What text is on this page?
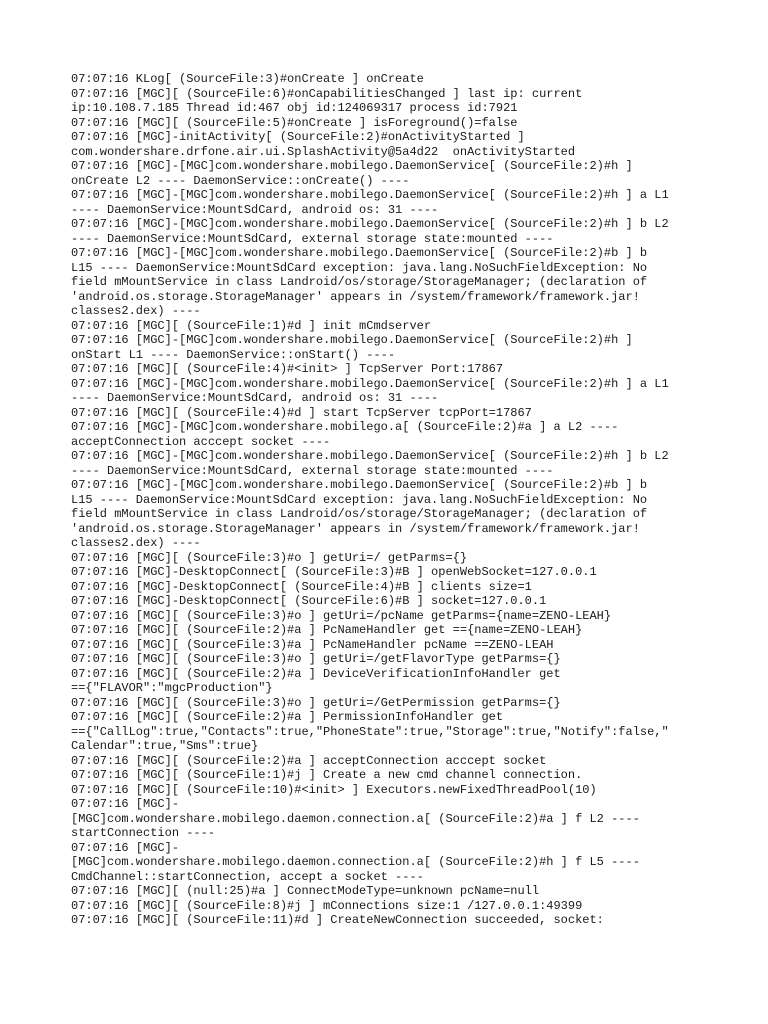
07:07:16 KLog[ (SourceFile:3)#onCreate ] onCreate
07:07:16 [MGC][ (SourceFile:6)#onCapabilitiesChanged ] last ip: current
ip:10.108.7.185 Thread id:467 obj id:124069317 process id:7921
07:07:16 [MGC][ (SourceFile:5)#onCreate ] isForeground()=false
07:07:16 [MGC]-initActivity[ (SourceFile:2)#onActivityStarted ]
com.wondershare.drfone.air.ui.SplashActivity@5a4d22  onActivityStarted
07:07:16 [MGC]-[MGC]com.wondershare.mobilego.DaemonService[ (SourceFile:2)#h ]
onCreate L2 ---- DaemonService::onCreate() ----
07:07:16 [MGC]-[MGC]com.wondershare.mobilego.DaemonService[ (SourceFile:2)#h ] a L1
---- DaemonService:MountSdCard, android os: 31 ----
07:07:16 [MGC]-[MGC]com.wondershare.mobilego.DaemonService[ (SourceFile:2)#h ] b L2
---- DaemonService:MountSdCard, external storage state:mounted ----
07:07:16 [MGC]-[MGC]com.wondershare.mobilego.DaemonService[ (SourceFile:2)#b ] b
L15 ---- DaemonService:MountSdCard exception: java.lang.NoSuchFieldException: No
field mMountService in class Landroid/os/storage/StorageManager; (declaration of
'android.os.storage.StorageManager' appears in /system/framework/framework.jar!
classes2.dex) ----
07:07:16 [MGC][ (SourceFile:1)#d ] init mCmdserver
07:07:16 [MGC]-[MGC]com.wondershare.mobilego.DaemonService[ (SourceFile:2)#h ]
onStart L1 ---- DaemonService::onStart() ----
07:07:16 [MGC][ (SourceFile:4)#<init> ] TcpServer Port:17867
07:07:16 [MGC]-[MGC]com.wondershare.mobilego.DaemonService[ (SourceFile:2)#h ] a L1
---- DaemonService:MountSdCard, android os: 31 ----
07:07:16 [MGC][ (SourceFile:4)#d ] start TcpServer tcpPort=17867
07:07:16 [MGC]-[MGC]com.wondershare.mobilego.a[ (SourceFile:2)#a ] a L2 ----
acceptConnection acccept socket ----
07:07:16 [MGC]-[MGC]com.wondershare.mobilego.DaemonService[ (SourceFile:2)#h ] b L2
---- DaemonService:MountSdCard, external storage state:mounted ----
07:07:16 [MGC]-[MGC]com.wondershare.mobilego.DaemonService[ (SourceFile:2)#b ] b
L15 ---- DaemonService:MountSdCard exception: java.lang.NoSuchFieldException: No
field mMountService in class Landroid/os/storage/StorageManager; (declaration of
'android.os.storage.StorageManager' appears in /system/framework/framework.jar!
classes2.dex) ----
07:07:16 [MGC][ (SourceFile:3)#o ] getUri=/ getParms={}
07:07:16 [MGC]-DesktopConnect[ (SourceFile:3)#B ] openWebSocket=127.0.0.1
07:07:16 [MGC]-DesktopConnect[ (SourceFile:4)#B ] clients size=1
07:07:16 [MGC]-DesktopConnect[ (SourceFile:6)#B ] socket=127.0.0.1
07:07:16 [MGC][ (SourceFile:3)#o ] getUri=/pcName getParms={name=ZENO-LEAH}
07:07:16 [MGC][ (SourceFile:2)#a ] PcNameHandler get =={name=ZENO-LEAH}
07:07:16 [MGC][ (SourceFile:3)#a ] PcNameHandler pcName ==ZENO-LEAH
07:07:16 [MGC][ (SourceFile:3)#o ] getUri=/getFlavorType getParms={}
07:07:16 [MGC][ (SourceFile:2)#a ] DeviceVerificationInfoHandler get
=={"FLAVOR":"mgcProduction"}
07:07:16 [MGC][ (SourceFile:3)#o ] getUri=/GetPermission getParms={}
07:07:16 [MGC][ (SourceFile:2)#a ] PermissionInfoHandler get
=={"CallLog":true,"Contacts":true,"PhoneState":true,"Storage":true,"Notify":false,"
Calendar":true,"Sms":true}
07:07:16 [MGC][ (SourceFile:2)#a ] acceptConnection acccept socket
07:07:16 [MGC][ (SourceFile:1)#j ] Create a new cmd channel connection.
07:07:16 [MGC][ (SourceFile:10)#<init> ] Executors.newFixedThreadPool(10)
07:07:16 [MGC]-
[MGC]com.wondershare.mobilego.daemon.connection.a[ (SourceFile:2)#a ] f L2 ----
startConnection ----
07:07:16 [MGC]-
[MGC]com.wondershare.mobilego.daemon.connection.a[ (SourceFile:2)#h ] f L5 ----
CmdChannel::startConnection, accept a socket ----
07:07:16 [MGC][ (null:25)#a ] ConnectModeType=unknown pcName=null
07:07:16 [MGC][ (SourceFile:8)#j ] mConnections size:1 /127.0.0.1:49399
07:07:16 [MGC][ (SourceFile:11)#d ] CreateNewConnection succeeded, socket:
